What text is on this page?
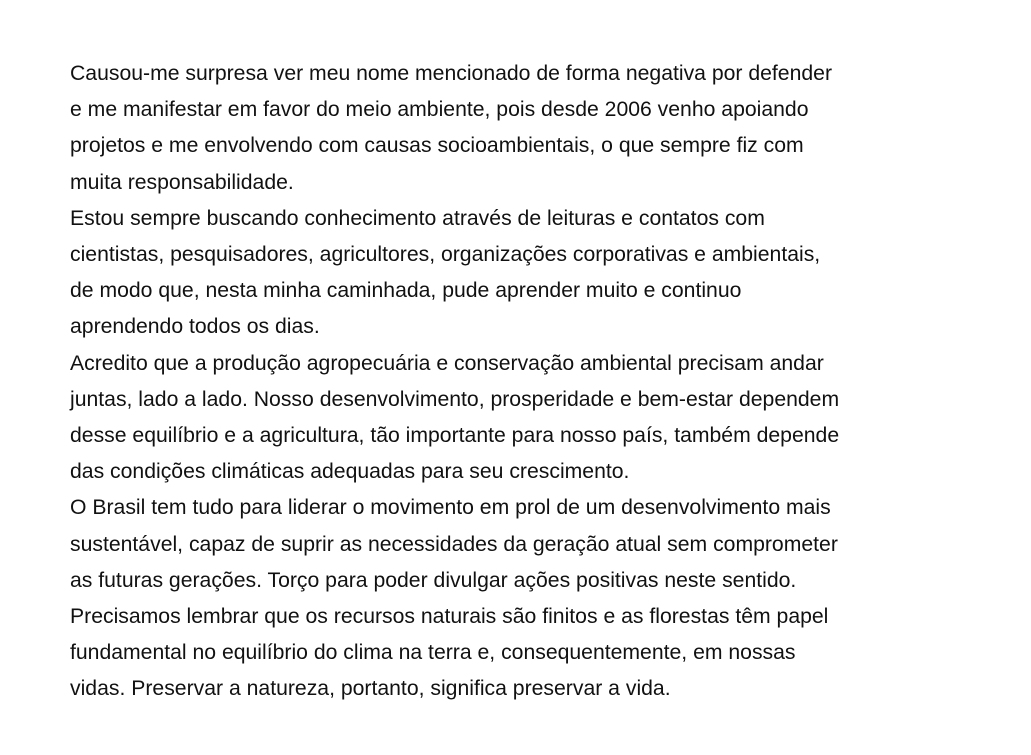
Causou-me surpresa ver meu nome mencionado de forma negativa por defender
e me manifestar em favor do meio ambiente, pois desde 2006 venho apoiando
projetos e me envolvendo com causas socioambientais, o que sempre fiz com
muita responsabilidade.

Estou sempre buscando conhecimento através de leituras e contatos com
cientistas, pesquisadores, agricultores, organizações corporativas e ambientais,
de modo que, nesta minha caminhada, pude aprender muito e continuo
aprendendo todos os dias.

Acredito que a produção agropecuária e conservação ambiental precisam andar
juntas, lado a lado. Nosso desenvolvimento, prosperidade e bem-estar dependem
desse equilíbrio e a agricultura, tão importante para nosso país, também depende
das condições climáticas adequadas para seu crescimento.

O Brasil tem tudo para liderar o movimento em prol de um desenvolvimento mais
sustentável, capaz de suprir as necessidades da geração atual sem comprometer
as futuras gerações. Torço para poder divulgar ações positivas neste sentido.

Precisamos lembrar que os recursos naturais são finitos e as florestas têm papel
fundamental no equilíbrio do clima na terra e, consequentemente, em nossas
vidas. Preservar a natureza, portanto, significa preservar a vida.
